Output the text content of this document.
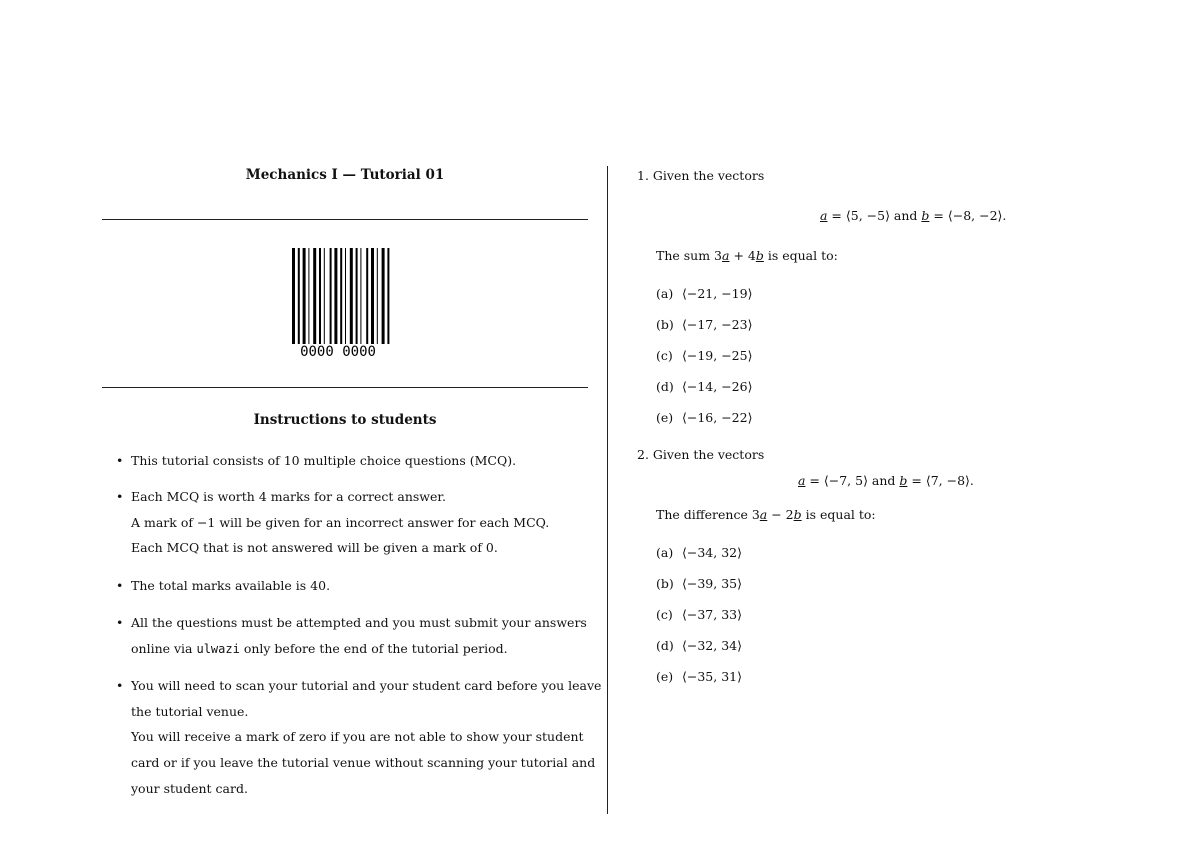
Mechanics I — Tutorial 01
0000 0000
Instructions to students
• This tutorial consists of 10 multiple choice questions (MCQ).
• Each MCQ is worth 4 marks for a correct answer.
A mark of −1 will be given for an incorrect answer for each MCQ.
Each MCQ that is not answered will be given a mark of 0.
• The total marks available is 40.
• All the questions must be attempted and you must submit your answers
online via ulwazi only before the end of the tutorial period.
• You will need to scan your tutorial and your student card before you leave
the tutorial venue.
You will receive a mark of zero if you are not able to show your student
card or if you leave the tutorial venue without scanning your tutorial and
your student card.
1. Given the vectors
a = ⟨5, −5⟩ and b = ⟨−8, −2⟩.
The sum 3a + 4b is equal to:
(a) ⟨−21, −19⟩
(b) ⟨−17, −23⟩
(c) ⟨−19, −25⟩
(d) ⟨−14, −26⟩
(e) ⟨−16, −22⟩
2. Given the vectors
a = ⟨−7, 5⟩ and b = ⟨7, −8⟩.
The difference 3a − 2b is equal to:
(a) ⟨−34, 32⟩
(b) ⟨−39, 35⟩
(c) ⟨−37, 33⟩
(d) ⟨−32, 34⟩
(e) ⟨−35, 31⟩
